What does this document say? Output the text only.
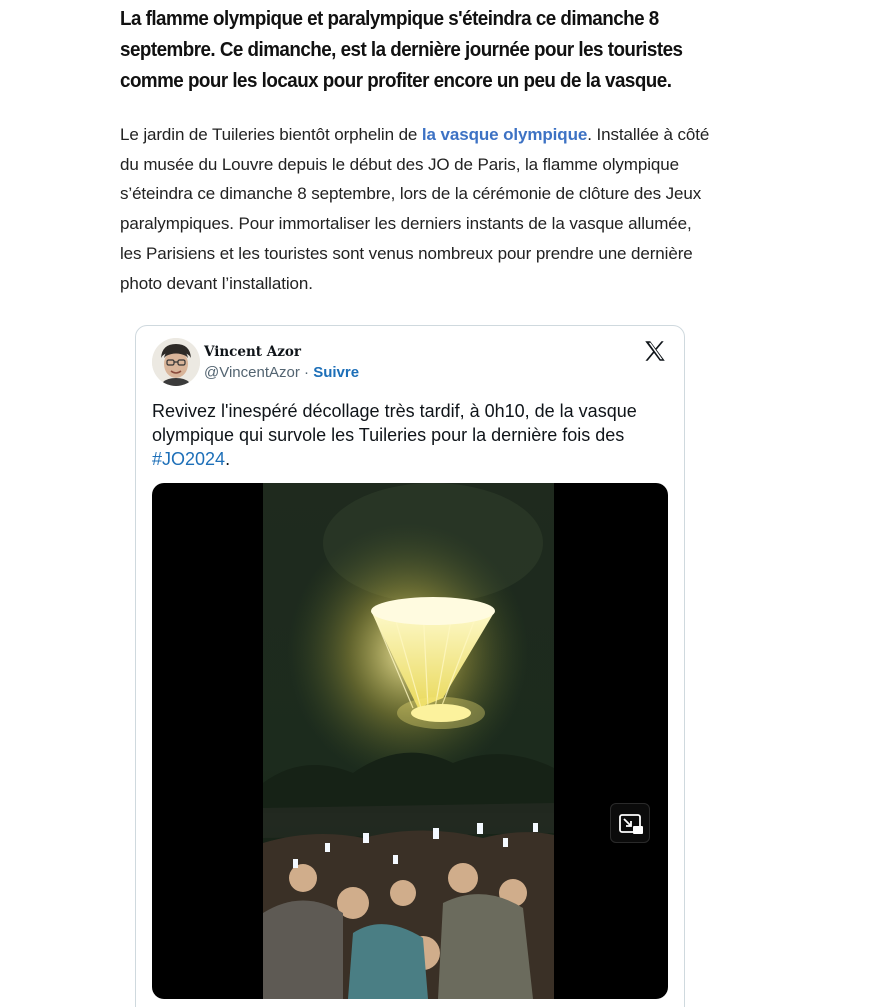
La flamme olympique et paralympique s'éteindra ce dimanche 8 septembre. Ce dimanche, est la dernière journée pour les touristes comme pour les locaux pour profiter encore un peu de la vasque.

Le jardin de Tuileries bientôt orphelin de la vasque olympique. Installée à côté du musée du Louvre depuis le début des JO de Paris, la flamme olympique s’éteindra ce dimanche 8 septembre, lors de la cérémonie de clôture des Jeux paralympiques. Pour immortaliser les derniers instants de la vasque allumée, les Parisiens et les touristes sont venus nombreux pour prendre une dernière photo devant l’installation.

Vincent Azor
@VincentAzor · Suivre

Revivez l'inespéré décollage très tardif, à 0h10, de la vasque olympique qui survole les Tuileries pour la dernière fois des #JO2024.
